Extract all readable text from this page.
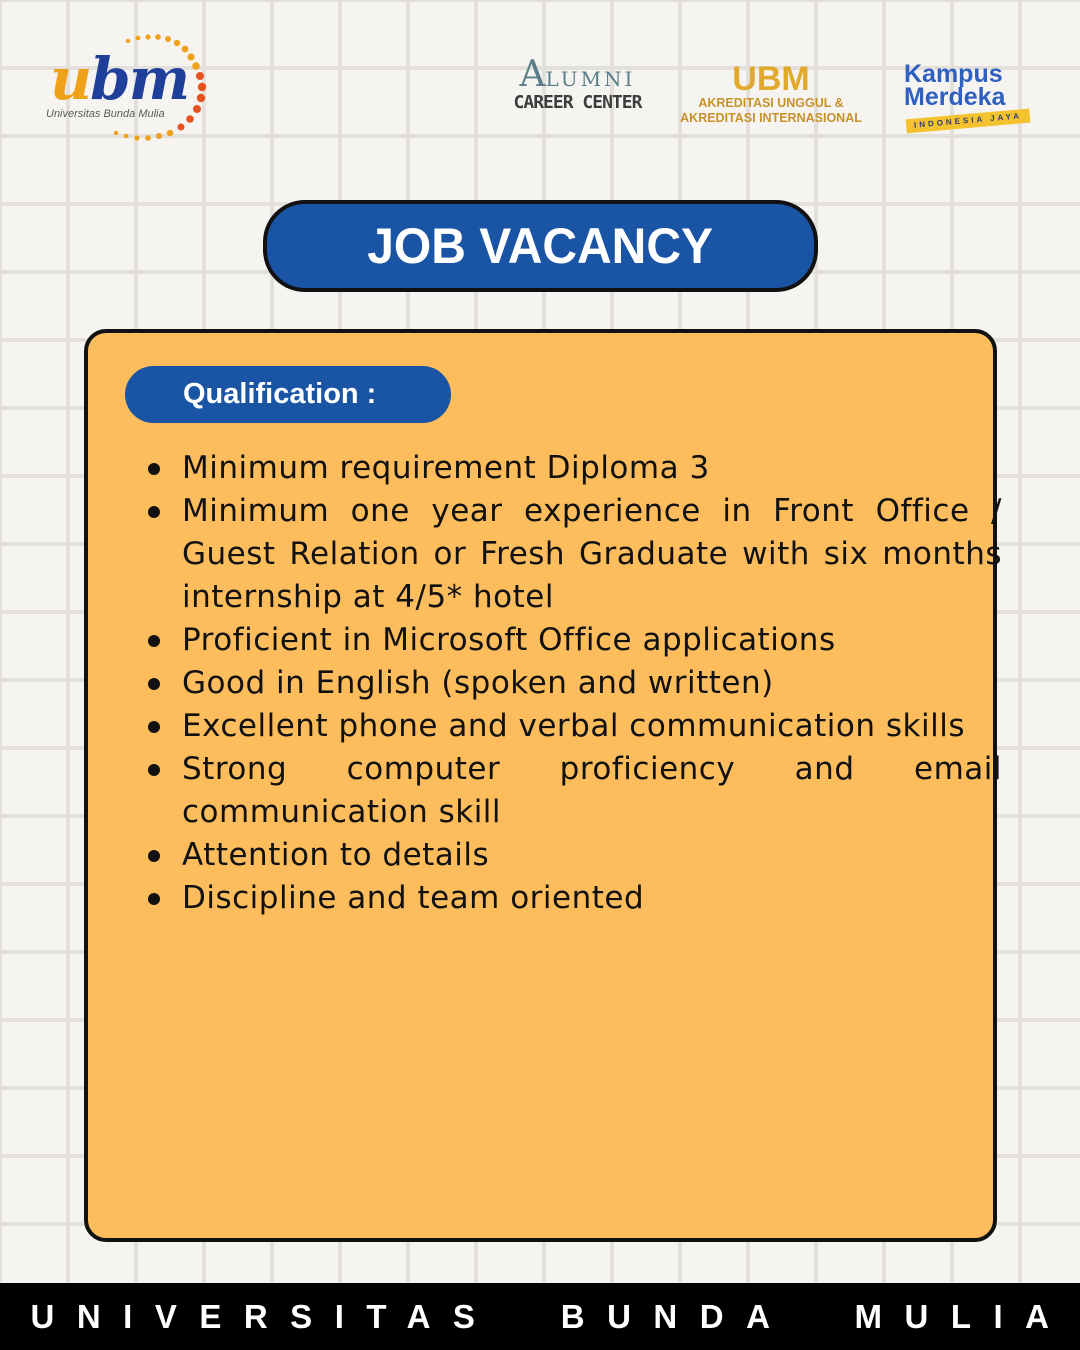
ubm
Universitas Bunda Mulia
ALUMNI
CAREER CENTER
UBM
AKREDITASI UNGGUL &
AKREDITASI INTERNASIONAL
Kampus
Merdeka
INDONESIA JAYA
JOB VACANCY
Qualification :
Minimum requirement Diploma 3
Minimum one year experience in Front Office / Guest Relation or Fresh Graduate with six months internship at 4/5* hotel
Proficient in Microsoft Office applications
Good in English (spoken and written)
Excellent phone and verbal communication skills
Strong computer proficiency and email communication skill
Attention to details
Discipline and team oriented
UNIVERSITAS  BUNDA  MULIA
